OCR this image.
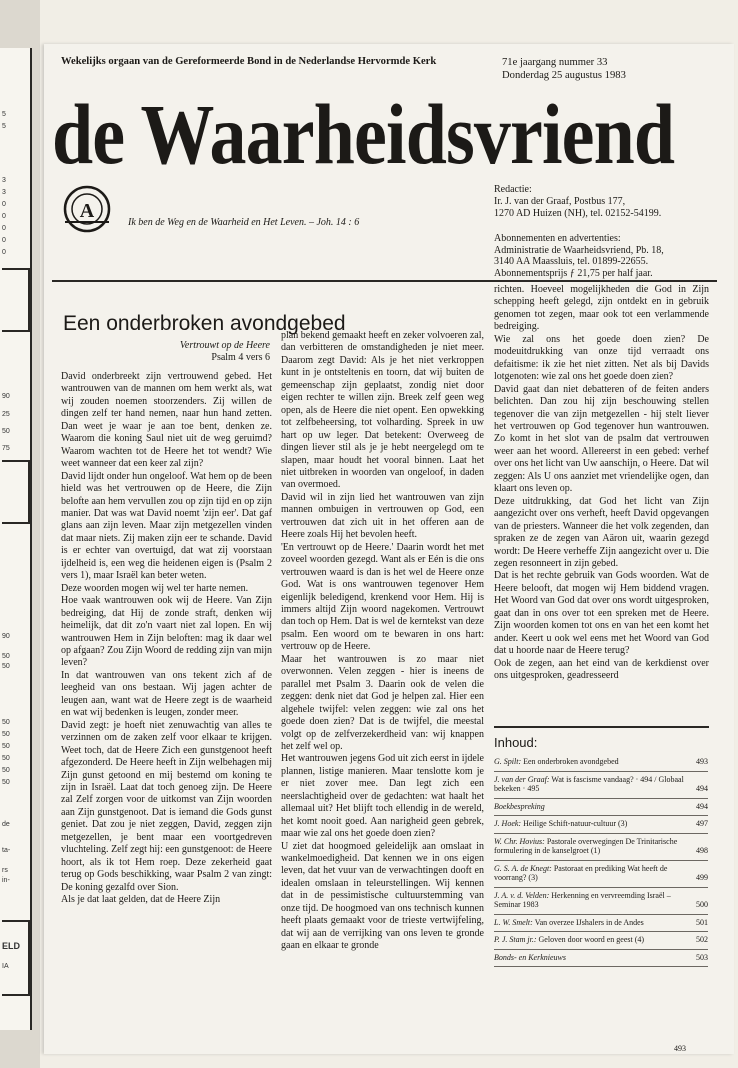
5
5
3
3
0
0
0
0
0
90
25
50
75
90
50
50
50
50
50
50
50
50
de
ta-
rs
in-
ELD
IA
Wekelijks orgaan van de Gereformeerde Bond in de Nederlandse Hervormde Kerk	71e jaargang nummer 33
Donderdag 25 augustus 1983
de Waarheidsvriend
A
Ik ben de Weg en de Waarheid en Het Leven. – Joh. 14 : 6
Redactie:
Ir. J. van der Graaf, Postbus 177,
1270 AD Huizen (NH), tel. 02152-54199.
Abonnementen en advertenties:
Administratie de Waarheidsvriend, Pb. 18,
3140 AA Maassluis, tel. 01899-22655.
Abonnementsprijs ƒ 21,75 per half jaar.
Een onderbroken avondgebed
Vertrouwt op de Heere
Psalm 4 vers 6

David onderbreekt zijn vertrouwend gebed. Het wantrouwen van de mannen om hem werkt als, wat wij zouden noemen stoorzenders. Zij willen de dingen zelf ter hand nemen, naar hun hand zetten. Dan weet je waar je aan toe bent, denken ze. Waarom die koning Saul niet uit de weg geruimd? Waarom wachten tot de Heere het tot wendt? Wie weet wanneer dat een keer zal zijn?

David lijdt onder hun ongeloof. Wat hem op de been hield was het vertrouwen op de Heere, die Zijn belofte aan hem vervullen zou op zijn tijd en op zijn manier. Dat was wat David noemt 'zijn eer'. Dat gaf glans aan zijn leven. Maar zijn metgezellen vinden dat maar niets. Zij maken zijn eer te schande. David is er echter van overtuigd, dat wat zij voorstaan ijdelheid is, een weg die heidenen eigen is (Psalm 2 vers 1), maar Israël kan beter weten.

Deze woorden mogen wij wel ter harte nemen.

Hoe vaak wantrouwen ook wij de Heere. Van Zijn bedreiging, dat Hij de zonde straft, denken wij heimelijk, dat dit zo'n vaart niet zal lopen. En wij wantrouwen Hem in Zijn beloften: mag ik daar wel op afgaan? Zou Zijn Woord de redding zijn van mijn leven?

In dat wantrouwen van ons tekent zich af de leegheid van ons bestaan. Wij jagen achter de leugen aan, want wat de Heere zegt is de waarheid en wat wij bedenken is leugen, zonder meer.

David zegt: je hoeft niet zenuwachtig van alles te verzinnen om de zaken zelf voor elkaar te krijgen. Weet toch, dat de Heere Zich een gunstgenoot heeft afgezonderd. De Heere heeft in Zijn welbehagen mij Zijn gunst getoond en mij bestemd om koning te zijn in Israël. Laat dat toch genoeg zijn. De Heere zal Zelf zorgen voor de uitkomst van Zijn woorden aan Zijn gunstgenoot. Dat is iemand die Gods gunst geniet. Dat zou je niet zeggen, David, zeggen zijn metgezellen, je bent maar een voortgedreven vluchteling. Zelf zegt hij: een gunstgenoot: de Heere hoort, als ik tot Hem roep. Deze zekerheid gaat terug op Gods beschikking, waar Psalm 2 van zingt: De koning gezalfd over Sion.

Als je dat laat gelden, dat de Heere Zijn

plan bekend gemaakt heeft en zeker volvoeren zal, dan verbitteren de omstandigheden je niet meer. Daarom zegt David: Als je het niet verkroppen kunt in je ontsteltenis en toorn, dat wij buiten de gemeenschap zijn geplaatst, zondig niet door eigen rechter te willen zijn. Breek zelf geen weg open, als de Heere die niet opent. Een opwekking tot zelfbeheersing, tot volharding. Spreek in uw hart op uw leger. Dat betekent: Overweeg de dingen liever stil als je je hebt neergelegd om te slapen, maar houdt het vooral binnen. Laat het niet uitbreken in woorden van ongeloof, in daden van overmoed.

David wil in zijn lied het wantrouwen van zijn mannen ombuigen in vertrouwen op God, een vertrouwen dat zich uit in het offeren aan de Heere zoals Hij het bevolen heeft.

'En vertrouwt op de Heere.' Daarin wordt het met zoveel woorden gezegd. Want als er Eén is die ons vertrouwen waard is dan is het wel de Heere onze God. Wat is ons wantrouwen tegenover Hem eigenlijk beledigend, krenkend voor Hem. Hij is immers altijd Zijn woord nagekomen. Vertrouwt dan toch op Hem. Dat is wel de kerntekst van deze psalm. Een woord om te bewaren in ons hart: vertrouw op de Heere.

Maar het wantrouwen is zo maar niet overwonnen. Velen zeggen - hier is ineens de parallel met Psalm 3. Daarin ook de velen die zeggen: denk niet dat God je helpen zal. Hier een algehele twijfel: velen zeggen: wie zal ons het goede doen zien? Dat is de twijfel, die meestal volgt op de zelfverzekerdheid van: wij knappen het zelf wel op.

Het wantrouwen jegens God uit zich eerst in ijdele plannen, listige manieren. Maar tenslotte kom je er niet zover mee. Dan legt zich een neerslachtigheid over de gedachten: wat haalt het allemaal uit? Het blijft toch ellendig in de wereld, het komt nooit goed. Aan narigheid geen gebrek, maar wie zal ons het goede doen zien?

U ziet dat hoogmoed geleidelijk aan omslaat in wankelmoedigheid. Dat kennen we in ons eigen leven, dat het vuur van de verwachtingen dooft en idealen omslaan in teleurstellingen. Wij kennen dat in de pessimistische cultuurstemming van onze tijd. De hoogmoed van ons technisch kunnen heeft plaats gemaakt voor de trieste vertwijfeling, dat wij aan de verrijking van ons leven te gronde gaan en elkaar te gronde

richten. Hoeveel mogelijkheden die God in Zijn schepping heeft gelegd, zijn ontdekt en in gebruik genomen tot zegen, maar ook tot een verlammende bedreiging.

Wie zal ons het goede doen zien? De modeuitdrukking van onze tijd verraadt ons defaitisme: ik zie het niet zitten. Net als bij Davids lotgenoten: wie zal ons het goede doen zien?

David gaat dan niet debatteren of de feiten anders belichten. Dan zou hij zijn beschouwing stellen tegenover die van zijn metgezellen - hij stelt liever het vertrouwen op God tegenover hun wantrouwen. Zo komt in het slot van de psalm dat vertrouwen weer aan het woord. Allereerst in een gebed: verhef over ons het licht van Uw aanschijn, o Heere. Dat wil zeggen: Als U ons aanziet met vriendelijke ogen, dan klaart ons leven op.

Deze uitdrukking, dat God het licht van Zijn aangezicht over ons verheft, heeft David opgevangen van de priesters. Wanneer die het volk zegenden, dan spraken ze de zegen van Aäron uit, waarin gezegd wordt: De Heere verheffe Zijn aangezicht over u. Die zegen resonneert in zijn gebed.

Dat is het rechte gebruik van Gods woorden. Wat de Heere belooft, dat mogen wij Hem biddend vragen. Het Woord van God dat over ons wordt uitgesproken, gaat dan in ons over tot een spreken met de Heere. Zijn woorden komen tot ons en van het een komt het ander. Keert u ook wel eens met het Woord van God dat u hoorde naar de Heere terug?

Ook de zegen, aan het eind van de kerkdienst over ons uitgesproken, geadresseerd

Inhoud:
G. Spilt: Een onderbroken avondgebed	493
J. van der Graaf: Wat is fascisme vandaag? · 494 / Globaal bekeken · 495	494
Boekbespreking	494
J. Hoek: Heilige Schift-natuur-cultuur (3)	497
W. Chr. Hovius: Pastorale overwegingen De Trinitarische formulering in de kanselgroet (1)	498
G. S. A. de Knegt: Pastoraat en prediking Wat heeft de voorrang? (3)	499
J. A. v. d. Velden: Herkenning en vervreemding Israël – Seminar 1983	500
L. W. Smelt: Van overzee IJshalers in de Andes	501
P. J. Stam jr.: Geloven door woord en geest (4)	502
Bonds- en Kerknieuws	503
493
